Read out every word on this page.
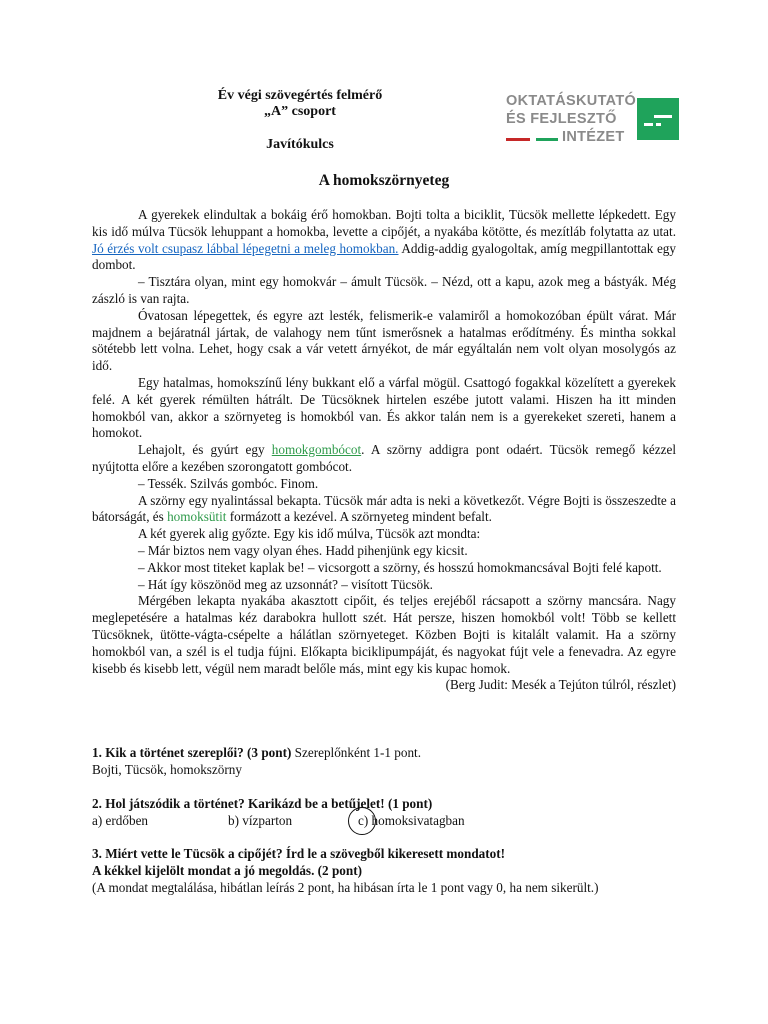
Év végi szövegértés felmérő
„A” csoport
Javítókulcs
OKTATÁSKUTATÓ
ÉS FEJLESZTŐ
INTÉZET
A homokszörnyeteg

A gyerekek elindultak a bokáig érő homokban. Bojti tolta a biciklit, Tücsök mellette lépkedett. Egy kis idő múlva Tücsök lehuppant a homokba, levette a cipőjét, a nyakába kötötte, és mezítláb folytatta az utat. Jó érzés volt csupasz lábbal lépegetni a meleg homokban. Addig-addig gyalogoltak, amíg megpillantottak egy dombot.

– Tisztára olyan, mint egy homokvár – ámult Tücsök. – Nézd, ott a kapu, azok meg a bástyák. Még zászló is van rajta.

Óvatosan lépegettek, és egyre azt lesték, felismerik-e valamiről a homokozóban épült várat. Már majdnem a bejáratnál jártak, de valahogy nem tűnt ismerősnek a hatalmas erődítmény. És mintha sokkal sötétebb lett volna. Lehet, hogy csak a vár vetett árnyékot, de már egyáltalán nem volt olyan mosolygós az idő.

Egy hatalmas, homokszínű lény bukkant elő a várfal mögül. Csattogó fogakkal közelített a gyerekek felé. A két gyerek rémülten hátrált. De Tücsöknek hirtelen eszébe jutott valami. Hiszen ha itt minden homokból van, akkor a szörnyeteg is homokból van. És akkor talán nem is a gyerekeket szereti, hanem a homokot.

Lehajolt, és gyúrt egy homokgombócot. A szörny addigra pont odaért. Tücsök remegő kézzel nyújtotta előre a kezében szorongatott gombócot.

– Tessék. Szilvás gombóc. Finom.

A szörny egy nyalintással bekapta. Tücsök már adta is neki a következőt. Végre Bojti is összeszedte a bátorságát, és homoksütit formázott a kezével. A szörnyeteg mindent befalt.

A két gyerek alig győzte. Egy kis idő múlva, Tücsök azt mondta:

– Már biztos nem vagy olyan éhes. Hadd pihenjünk egy kicsit.

– Akkor most titeket kaplak be! – vicsorgott a szörny, és hosszú homokmancsával Bojti felé kapott.

– Hát így köszönöd meg az uzsonnát? – visított Tücsök.

Mérgében lekapta nyakába akasztott cipőit, és teljes erejéből rácsapott a szörny mancsára. Nagy meglepetésére a hatalmas kéz darabokra hullott szét. Hát persze, hiszen homokból volt! Több se kellett Tücsöknek, ütötte-vágta-csépelte a hálátlan szörnyeteget. Közben Bojti is kitalált valamit. Ha a szörny homokból van, a szél is el tudja fújni. Előkapta biciklipumpáját, és nagyokat fújt vele a fenevadra. Az egyre kisebb és kisebb lett, végül nem maradt belőle más, mint egy kis kupac homok.

(Berg Judit: Mesék a Tejúton túlról, részlet)

1. Kik a történet szereplői? (3 pont) Szereplőnként 1-1 pont.
Bojti, Tücsök, homokszörny
2. Hol játszódik a történet? Karikázd be a betűjelet! (1 pont)
a) erdőben	b) vízparton	c) homoksivatagban
3. Miért vette le Tücsök a cipőjét? Írd le a szövegből kikeresett mondatot!
A kékkel kijelölt mondat a jó megoldás. (2 pont)
(A mondat megtalálása, hibátlan leírás 2 pont, ha hibásan írta le 1 pont vagy 0, ha nem sikerült.)
